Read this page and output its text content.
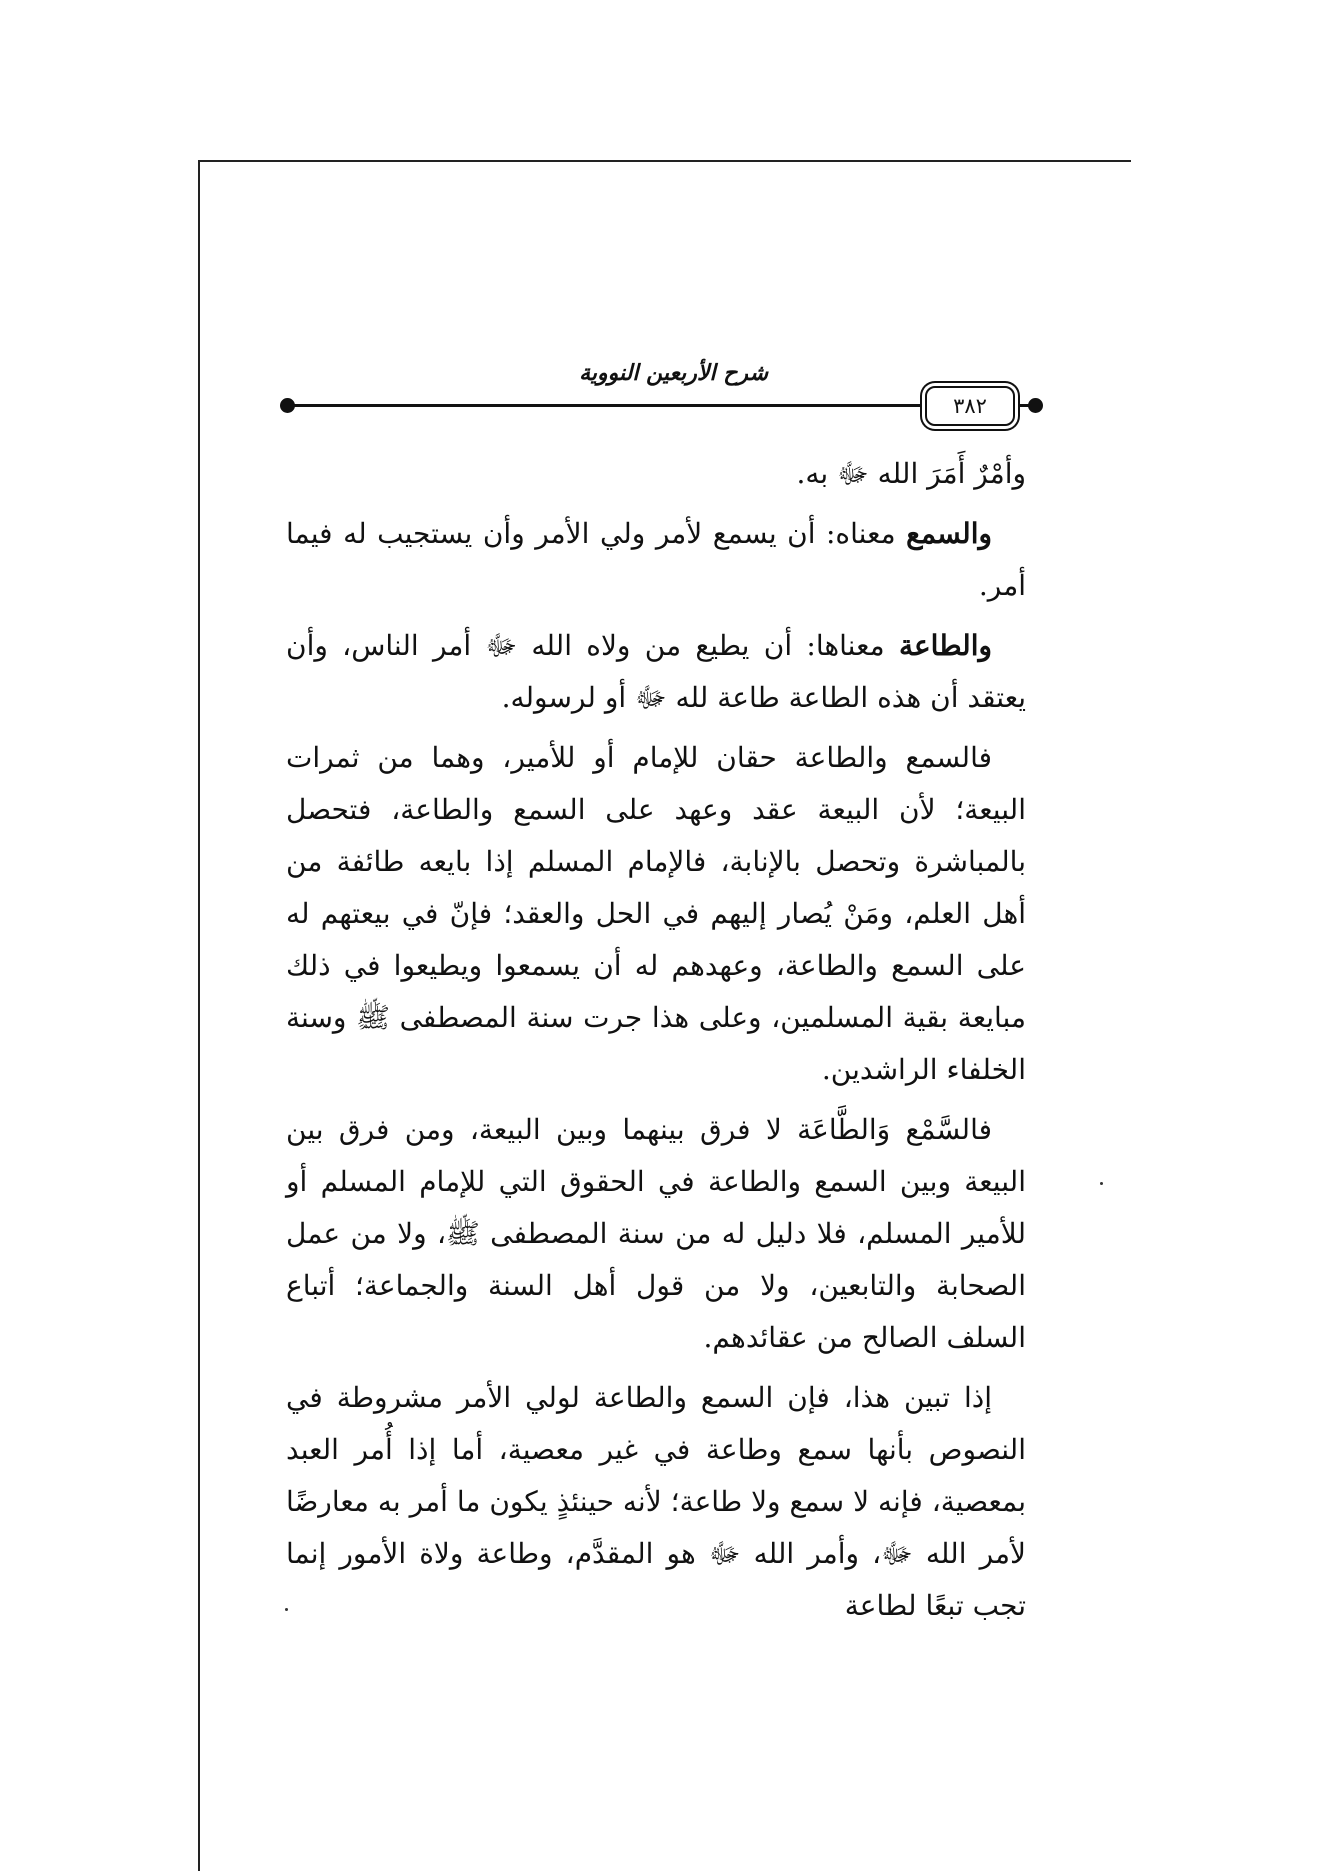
شرح الأربعين النووية
٣٨٢

وأمْرٌ أَمَرَ الله ﷻ به.

والسمع معناه: أن يسمع لأمر ولي الأمر وأن يستجيب له فيما أمر.

والطاعة معناها: أن يطيع من ولاه الله ﷻ أمر الناس، وأن يعتقد أن هذه الطاعة طاعة لله ﷻ أو لرسوله.

فالسمع والطاعة حقان للإمام أو للأمير، وهما من ثمرات البيعة؛ لأن البيعة عقد وعهد على السمع والطاعة، فتحصل بالمباشرة وتحصل بالإنابة، فالإمام المسلم إذا بايعه طائفة من أهل العلم، ومَنْ يُصار إليهم في الحل والعقد؛ فإنّ في بيعتهم له على السمع والطاعة، وعهدهم له أن يسمعوا ويطيعوا في ذلك مبايعة بقية المسلمين، وعلى هذا جرت سنة المصطفى ﷺ وسنة الخلفاء الراشدين.

فالسَّمْع وَالطَّاعَة لا فرق بينهما وبين البيعة، ومن فرق بين البيعة وبين السمع والطاعة في الحقوق التي للإمام المسلم أو للأمير المسلم، فلا دليل له من سنة المصطفى ﷺ، ولا من عمل الصحابة والتابعين، ولا من قول أهل السنة والجماعة؛ أتباع السلف الصالح من عقائدهم.

إذا تبين هذا، فإن السمع والطاعة لولي الأمر مشروطة في النصوص بأنها سمع وطاعة في غير معصية، أما إذا أُمر العبد بمعصية، فإنه لا سمع ولا طاعة؛ لأنه حينئذٍ يكون ما أمر به معارضًا لأمر الله ﷻ، وأمر الله ﷻ هو المقدَّم، وطاعة ولاة الأمور إنما تجب تبعًا لطاعة
